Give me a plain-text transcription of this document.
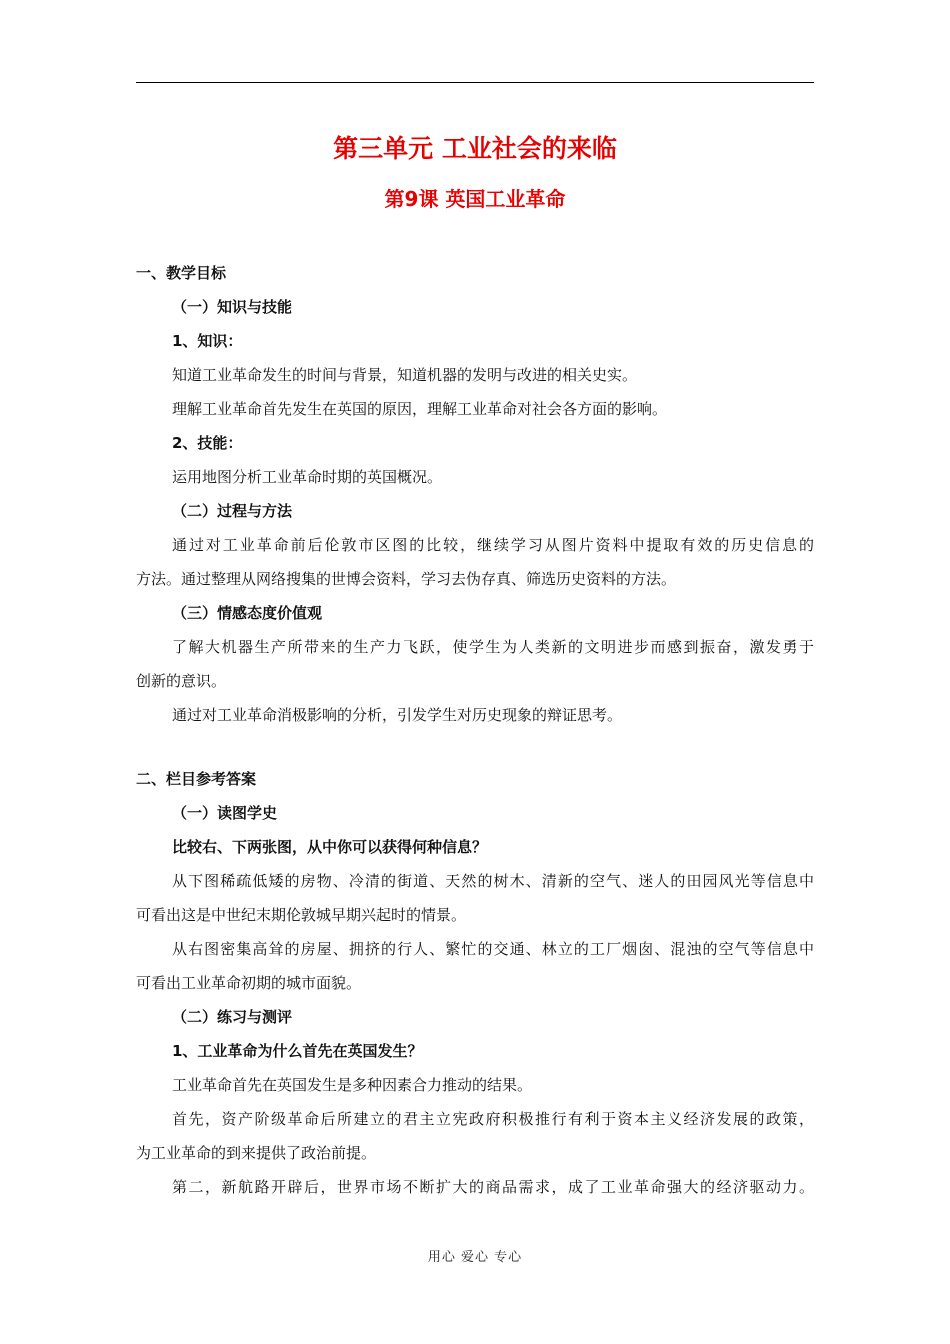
第三单元 工业社会的来临
第9课 英国工业革命
一、教学目标
（一）知识与技能
1、知识：
知道工业革命发生的时间与背景，知道机器的发明与改进的相关史实。
理解工业革命首先发生在英国的原因，理解工业革命对社会各方面的影响。
2、技能：
运用地图分析工业革命时期的英国概况。
（二）过程与方法
通过对工业革命前后伦敦市区图的比较，继续学习从图片资料中提取有效的历史信息的
方法。通过整理从网络搜集的世博会资料，学习去伪存真、筛选历史资料的方法。
（三）情感态度价值观
了解大机器生产所带来的生产力飞跃，使学生为人类新的文明进步而感到振奋，激发勇于
创新的意识。
通过对工业革命消极影响的分析，引发学生对历史现象的辩证思考。
二、栏目参考答案
（一）读图学史
比较右、下两张图，从中你可以获得何种信息？
从下图稀疏低矮的房物、冷清的街道、天然的树木、清新的空气、迷人的田园风光等信息中
可看出这是中世纪末期伦敦城早期兴起时的情景。
从右图密集高耸的房屋、拥挤的行人、繁忙的交通、林立的工厂烟囱、混浊的空气等信息中
可看出工业革命初期的城市面貌。
（二）练习与测评
1、工业革命为什么首先在英国发生？
工业革命首先在英国发生是多种因素合力推动的结果。
首先，资产阶级革命后所建立的君主立宪政府积极推行有利于资本主义经济发展的政策，
为工业革命的到来提供了政治前提。
第二，新航路开辟后，世界市场不断扩大的商品需求，成了工业革命强大的经济驱动力。
用心 爱心 专心
